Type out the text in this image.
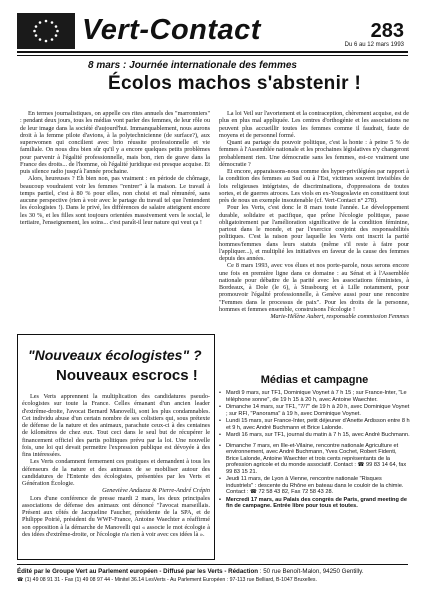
Vert-Contact	283
Du 6 au 12 mars 1993
8 mars : Journée internationale des femmes
Écolos machos s'abstenir !

En termes journalistiques, on appelle ces rites annuels des "marronniers" : pendant deux jours, tous les médias vont parler des femmes, de leur rôle ou de leur image dans la société d'aujourd'hui. Immanquablement, nous aurons droit à la femme pilote d'avions, à la polytechnicienne (de surface?), aux superwomen qui concilient avec brio réussite professionnelle et vie familiale. On nous dira bien sûr qu'il y a encore quelques petits problèmes pour parvenir à l'égalité professionnelle, mais bon, rien de grave dans la France des droits... de l'homme, où l'égalité juridique est presque acquise. Et puis silence radio jusqu'à l'année prochaine.

Alors, heureuses ? Eh bien non, pas vraiment : en période de chômage, beaucoup voudraient voir les femmes "rentrer" à la maison. Le travail à temps partiel, c'est à 80 % pour elles, non choisi et mal rémunéré, sans aucune perspective (rien à voir avec le partage du travail tel que l'entendent les écologistes !). Dans le privé, les différences de salaire atteignent encore les 30 %, et les filles sont toujours orientées massivement vers le social, le tertiaire, l'enseignement, les soins... c'est paraît-il leur nature qui veut ça !

La loi Veil sur l'avortement et la contraception, chèrement acquise, est de plus en plus mal appliquée. Les centres d'orthogénie et les associations ne peuvent plus accueillir toutes les femmes comme il faudrait, faute de moyens et de personnel formé.

Quant au partage du pouvoir politique, c'est la honte : à peine 5 % de femmes à l'Assemblée nationale et les prochaines législatives n'y changeront probablement rien. Une démocratie sans les femmes, est-ce vraiment une démocratie ?

Et encore, apparaissons-nous comme des hyper-privilégiées par rapport à la condition des femmes au Sud ou à l'Est, victimes souvent invisibles de lois religieuses intégristes, de discriminations, d'oppressions de toutes sortes, et de guerres atroces. Les viols en ex-Yougoslavie en constituent tout près de nous un exemple insoutenable (cf. Vert-Contact n° 278).

Pour les Verts, c'est donc le 8 mars toute l'année. Le développement durable, solidaire et pacifique, que prône l'écologie politique, passe obligatoirement par l'amélioration significative de la condition féminine, partout dans le monde, et par l'exercice conjoint des responsabilités politiques. C'est la raison pour laquelle les Verts ont inscrit la parité hommes/femmes dans leurs statuts (même s'il reste à faire pour l'appliquer...), et multiplié les initiatives en faveur de la cause des femmes depuis des années.

Ce 8 mars 1993, avec vos élues et nos porte-parole, nous serons encore une fois en première ligne dans ce domaine : au Sénat et à l'Assemblée nationale pour débattre de la parité avec les associations féministes, à Bordeaux, à Dole (le 6), à Strasbourg et à Lille notamment, pour promouvoir l'égalité professionnelle, à Genève aussi pour une rencontre "Femmes dans le processus de paix". Pour les droits de la personne, hommes et femmes ensemble, construisons l'écologie !

Marie-Hélène Aubert, responsable commission Femmes

"Nouveaux écologistes" ?
Nouveaux escrocs !

Les Verts apprennent la multiplication des candidatures pseudo-écologistes sur toute la France. Celles émanant d'un ancien leader d'extrême-droite, l'avocat Bernard Manovelli, sont les plus condamnables. Cet individu abuse d'un certain nombre de ses colistiers qui, sous prétexte de défense de la nature et des animaux, parachute ceux-ci à des centaines de kilomètres de chez eux. Tout ceci dans le seul but de récupérer le financement officiel des partis politiques prévu par la loi. Une nouvelle fois, une loi qui devait permettre l'expression publique est dévoyée à des fins intéressées.

Les Verts condamnent fermement ces pratiques et demandent à tous les défenseurs de la nature et des animaux de se mobiliser autour des candidatures de l'Entente des écologistes, présentées par les Verts et Génération Écologie.

Geneviève Andueza & Pierre-André Crépin

Lors d'une conférence de presse mardi 2 mars, les deux principales associations de défense des animaux ont dénoncé "l'avocat marseillais. Présent aux côtés de Jacqueline Faucher, présidente de la SPA, et de Philippe Poirié, président du WWF-France, Antoine Waechter a réaffirmé son opposition à la démarche de Manovelli qui « associe le mot écologie à des idées d'extrême-droite, or l'écologie n'a rien à voir avec ces idées là ».

Médias et campagne
• Mardi 9 mars, sur TF1, Dominique Voynet à 7 h 15 ; sur France-Inter, "Le téléphone sonne", de 19 h 15 à 20 h, avec Antoine Waechter.
• Dimanche 14 mars, sur TF1, "7/7" de 19 h à 20 h, avec Dominique Voynet ; sur RFI, "Panorama" à 19 h, avec Dominique Voynet.
• Lundi 15 mars, sur France-Inter, petit déjeuner d'Anette Ardisson entre 8 h et 9 h, avec André Buchmann et Brice Lalonde.
• Mardi 16 mars, sur TF1, journal du matin à 7 h 15, avec André Buchmann.
• Dimanche 7 mars, en Ille-et-Vilaine, rencontre nationale Agriculture et environnement, avec André Buchmann, Yves Cochet, Robert Fidenti, Brice Lalonde, Antoine Waechter et trois cents représentants de la profession agricole et du monde associatif. Contact : ☎ 99 83 14 64, fax 99 83 15 21.
• Jeudi 11 mars, de Lyon à Vienne, rencontre nationale "Risques industriels" : descente du Rhône en bateau dans le couloir de la chimie. Contact : ☎ 72 58 43 82, Fax 72 58 43 28.
• Mercredi 17 mars, au Palais des congrès de Paris, grand meeting de fin de campagne. Entrée libre pour tous et toutes.
Édité par le Groupe Vert au Parlement européen - Diffusé par les Verts - Rédaction : 50 rue Benoît-Malon, 94250 Gentilly.
☎ (1) 49 08 91 31 - Fax (1) 49 08 97 44 - Minitel 36.14 LesVerts - Au Parlement Européen : 97-113 rue Belliard, B-1047 Bruxelles.
